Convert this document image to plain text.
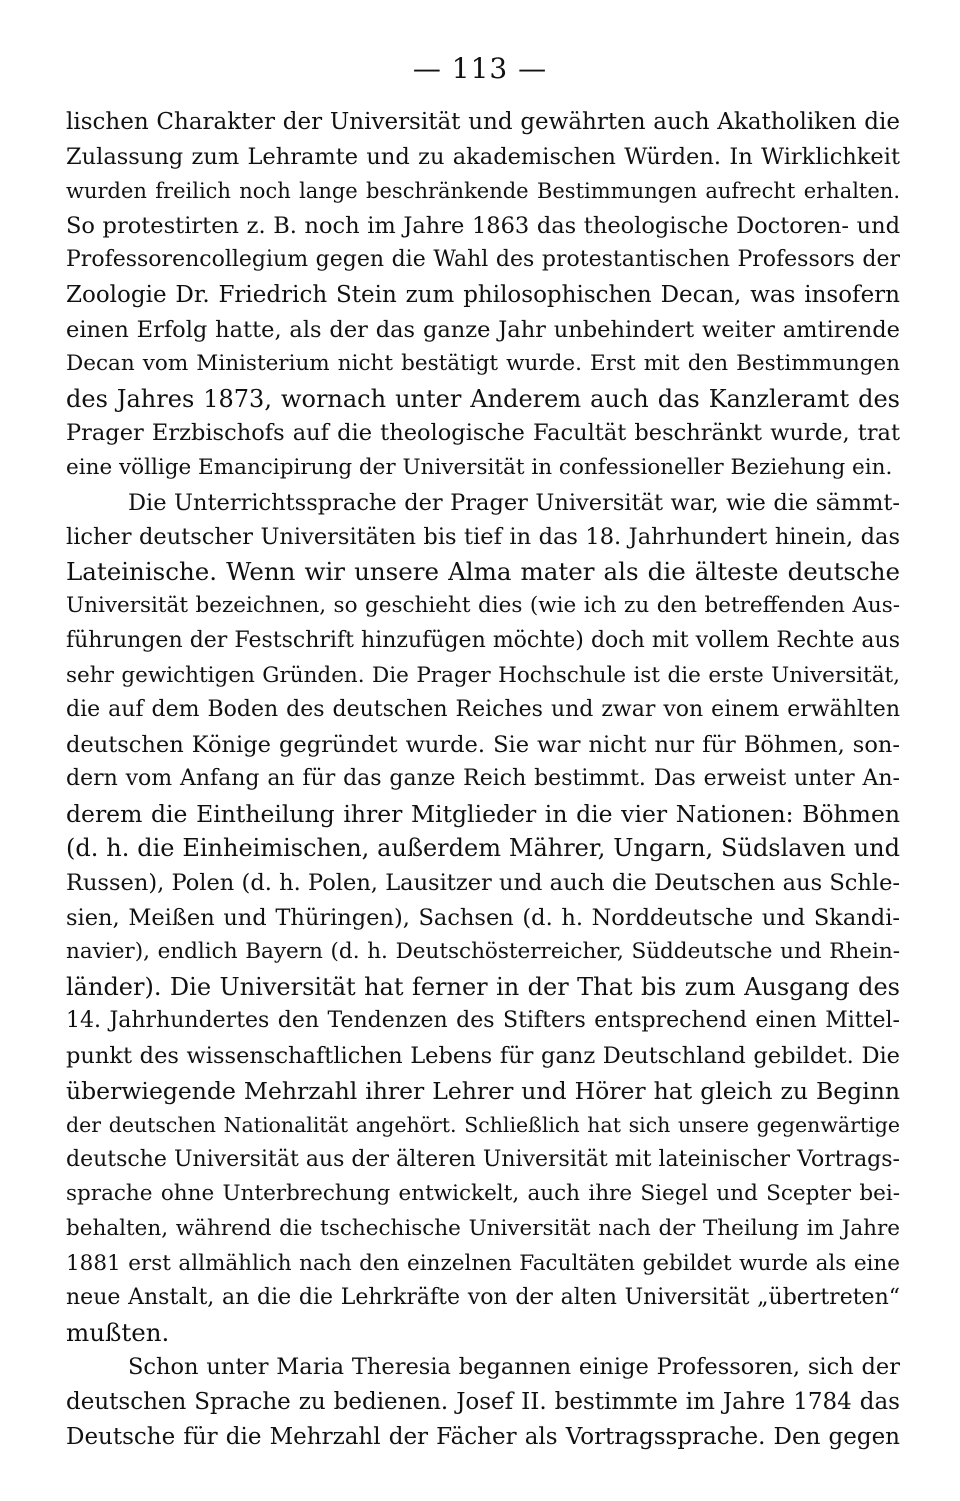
— 113 —
lischen Charakter der Universität und gewährten auch Akatholiken die
Zulassung zum Lehramte und zu akademischen Würden. In Wirklichkeit
wurden freilich noch lange beschränkende Bestimmungen aufrecht erhalten.
So protestirten z. B. noch im Jahre 1863 das theologische Doctoren- und
Professorencollegium gegen die Wahl des protestantischen Professors der
Zoologie Dr. Friedrich Stein zum philosophischen Decan, was insofern
einen Erfolg hatte, als der das ganze Jahr unbehindert weiter amtirende
Decan vom Ministerium nicht bestätigt wurde. Erst mit den Bestimmungen
des Jahres 1873, wornach unter Anderem auch das Kanzleramt des
Prager Erzbischofs auf die theologische Facultät beschränkt wurde, trat
eine völlige Emancipirung der Universität in confessioneller Beziehung ein.
Die Unterrichtssprache der Prager Universität war, wie die sämmt-
licher deutscher Universitäten bis tief in das 18. Jahrhundert hinein, das
Lateinische. Wenn wir unsere Alma mater als die älteste deutsche
Universität bezeichnen, so geschieht dies (wie ich zu den betreffenden Aus-
führungen der Festschrift hinzufügen möchte) doch mit vollem Rechte aus
sehr gewichtigen Gründen. Die Prager Hochschule ist die erste Universität,
die auf dem Boden des deutschen Reiches und zwar von einem erwählten
deutschen Könige gegründet wurde. Sie war nicht nur für Böhmen, son-
dern vom Anfang an für das ganze Reich bestimmt. Das erweist unter An-
derem die Eintheilung ihrer Mitglieder in die vier Nationen: Böhmen
(d. h. die Einheimischen, außerdem Mährer, Ungarn, Südslaven und
Russen), Polen (d. h. Polen, Lausitzer und auch die Deutschen aus Schle-
sien, Meißen und Thüringen), Sachsen (d. h. Norddeutsche und Skandi-
navier), endlich Bayern (d. h. Deutschösterreicher, Süddeutsche und Rhein-
länder). Die Universität hat ferner in der That bis zum Ausgang des
14. Jahrhundertes den Tendenzen des Stifters entsprechend einen Mittel-
punkt des wissenschaftlichen Lebens für ganz Deutschland gebildet. Die
überwiegende Mehrzahl ihrer Lehrer und Hörer hat gleich zu Beginn
der deutschen Nationalität angehört. Schließlich hat sich unsere gegenwärtige
deutsche Universität aus der älteren Universität mit lateinischer Vortrags-
sprache ohne Unterbrechung entwickelt, auch ihre Siegel und Scepter bei-
behalten, während die tschechische Universität nach der Theilung im Jahre
1881 erst allmählich nach den einzelnen Facultäten gebildet wurde als eine
neue Anstalt, an die die Lehrkräfte von der alten Universität „übertreten“
mußten.
Schon unter Maria Theresia begannen einige Professoren, sich der
deutschen Sprache zu bedienen. Josef II. bestimmte im Jahre 1784 das
Deutsche für die Mehrzahl der Fächer als Vortragssprache. Den gegen
